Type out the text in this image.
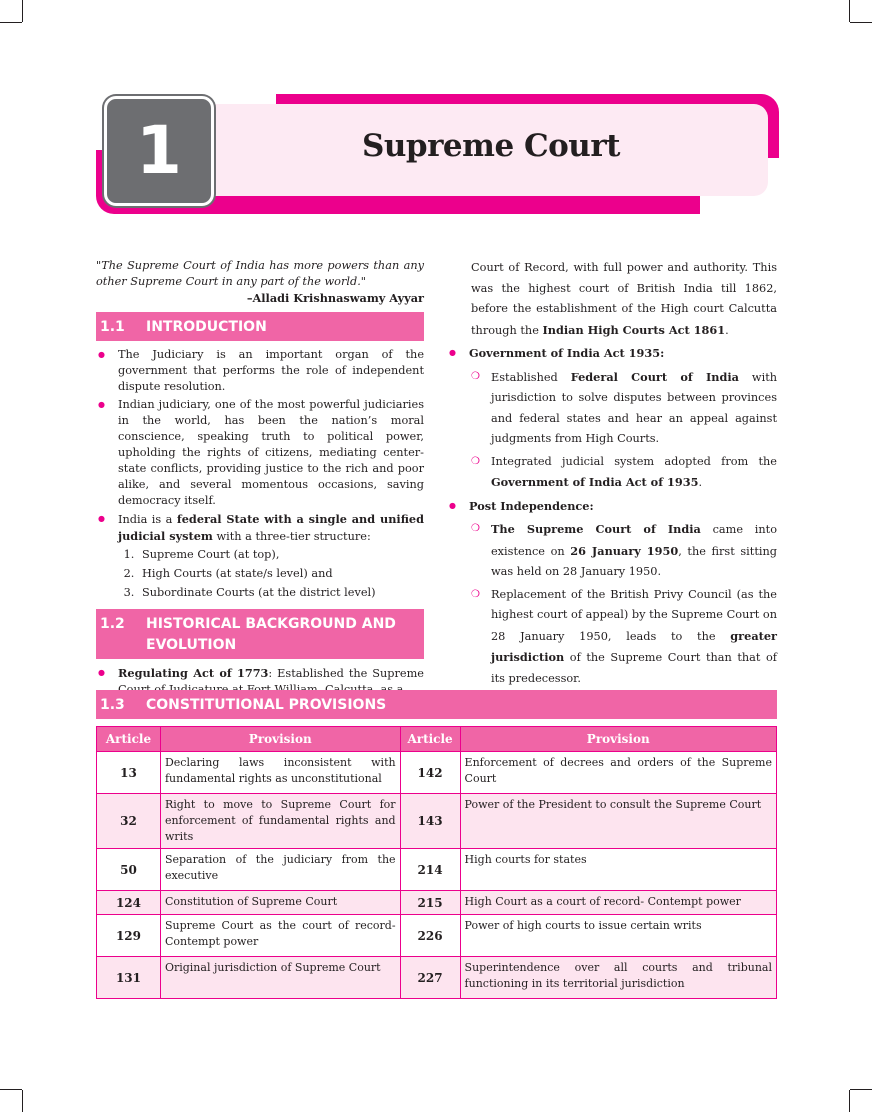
1	Supreme Court

"The Supreme Court of India has more powers than any other Supreme Court in any part of the world."

–Alladi Krishnaswamy Ayyar

1.1	INTRODUCTION
● The Judiciary is an important organ of the government that performs the role of independent dispute resolution.
● Indian judiciary, one of the most powerful judiciaries in the world, has been the nation’s moral conscience, speaking truth to political power, upholding the rights of citizens, mediating center-state conflicts, providing justice to the rich and poor alike, and several momentous occasions, saving democracy itself.
● India is a federal State with a single and unified judicial system with a three-tier structure:
1. Supreme Court (at top),
2. High Courts (at state/s level) and
3. Subordinate Courts (at the district level)
1.2	HISTORICAL BACKGROUND AND EVOLUTION
● Regulating Act of 1773: Established the Supreme

Court of Record, with full power and authority. This was the highest court of British India till 1862, before the establishment of the High court Calcutta through the Indian High Courts Act 1861.

● Government of India Act 1935:
❍ Established Federal Court of India with jurisdiction to solve disputes between provinces and federal states and hear an appeal against judgments from High Courts.
❍ Integrated judicial system adopted from the Government of India Act of 1935.
● Post Independence:
❍ The Supreme Court of India came into existence on 26 January 1950, the first sitting was held on 28 January 1950.
❍ Replacement of the British Privy Council (as the highest court of appeal) by the Supreme Court on 28 January 1950, leads to the greater jurisdiction of the Supreme Court than that of its predecessor.
●
1.3	CONSTITUTIONAL PROVISIONS
Article	Provision	Article	Provision
13	Declaring laws inconsistent with fundamental rights as unconstitutional	142	Enforcement of decrees and orders of the Supreme Court
32	Right to move to Supreme Court for enforcement of fundamental rights and writs	143	Power of the President to consult the Supreme Court
50	Separation of the judiciary from the executive	214	High courts for states
124	Constitution of Supreme Court	215	High Court as a court of record- Contempt power
129	Supreme Court as the court of record- Contempt power	226	Power of high courts to issue certain writs
131	Original jurisdiction of Supreme Court	227	Superintendence over all courts and tribunal functioning in its territorial jurisdiction
